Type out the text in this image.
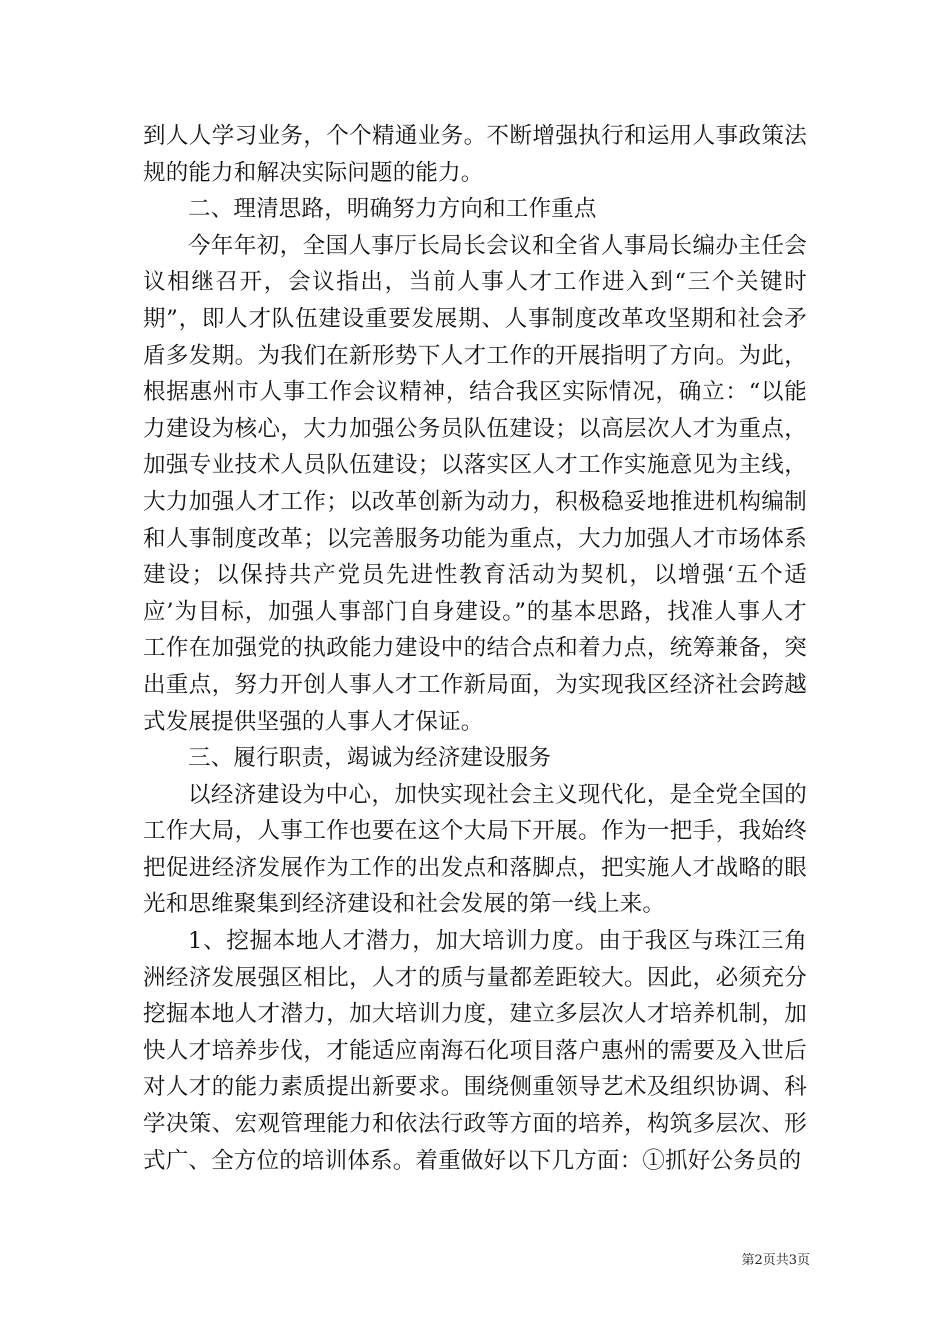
到人人学习业务，个个精通业务。不断增强执行和运用人事政策法规的能力和解决实际问题的能力。

二、理清思路，明确努力方向和工作重点

今年年初，全国人事厅长局长会议和全省人事局长编办主任会议相继召开，会议指出，当前人事人才工作进入到“三个关键时期”，即人才队伍建设重要发展期、人事制度改革攻坚期和社会矛盾多发期。为我们在新形势下人才工作的开展指明了方向。为此，根据惠州市人事工作会议精神，结合我区实际情况，确立：“以能力建设为核心，大力加强公务员队伍建设；以高层次人才为重点，加强专业技术人员队伍建设；以落实区人才工作实施意见为主线，大力加强人才工作；以改革创新为动力，积极稳妥地推进机构编制和人事制度改革；以完善服务功能为重点，大力加强人才市场体系建设；以保持共产党员先进性教育活动为契机，以增强‘五个适应’为目标，加强人事部门自身建设。”的基本思路，找准人事人才工作在加强党的执政能力建设中的结合点和着力点，统筹兼备，突出重点，努力开创人事人才工作新局面，为实现我区经济社会跨越式发展提供坚强的人事人才保证。

三、履行职责，竭诚为经济建设服务

以经济建设为中心，加快实现社会主义现代化，是全党全国的工作大局，人事工作也要在这个大局下开展。作为一把手，我始终把促进经济发展作为工作的出发点和落脚点，把实施人才战略的眼光和思维聚集到经济建设和社会发展的第一线上来。

1、挖掘本地人才潜力，加大培训力度。由于我区与珠江三角洲经济发展强区相比，人才的质与量都差距较大。因此，必须充分挖掘本地人才潜力，加大培训力度，建立多层次人才培养机制，加快人才培养步伐，才能适应南海石化项目落户惠州的需要及入世后对人才的能力素质提出新要求。围绕侧重领导艺术及组织协调、科学决策、宏观管理能力和依法行政等方面的培养，构筑多层次、形式广、全方位的培训体系。着重做好以下几方面：①抓好公务员的

第2页共3页
